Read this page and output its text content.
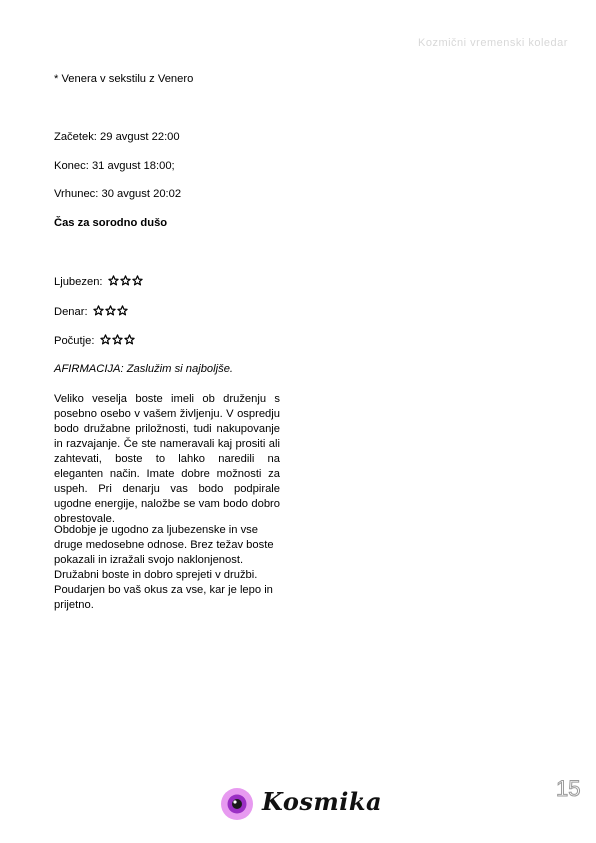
Kozmični vremenski koledar
* Venera v sekstilu z Venero
Začetek: 29 avgust 22:00
Konec: 31 avgust 18:00;
Vrhunec: 30 avgust 20:02
Čas za sorodno dušo
Ljubezen:
Denar:
Počutje:
AFIRMACIJA: Zaslužim si najboljše.
Veliko veselja boste imeli ob druženju s posebno osebo v vašem življenju. V ospredju bodo družabne priložnosti, tudi nakupovanje in razvajanje. Če ste nameravali kaj prositi ali zahtevati, boste to lahko naredili na eleganten način. Imate dobre možnosti za uspeh. Pri denarju vas bodo podpirale ugodne energije, naložbe se vam bodo dobro obrestovale.
Obdobje je ugodno za ljubezenske in vse druge medosebne odnose. Brez težav boste pokazali in izražali svojo naklonjenost. Družabni boste in dobro sprejeti v družbi. Poudarjen bo vaš okus za vse, kar je lepo in prijetno.
Kosmika	15
